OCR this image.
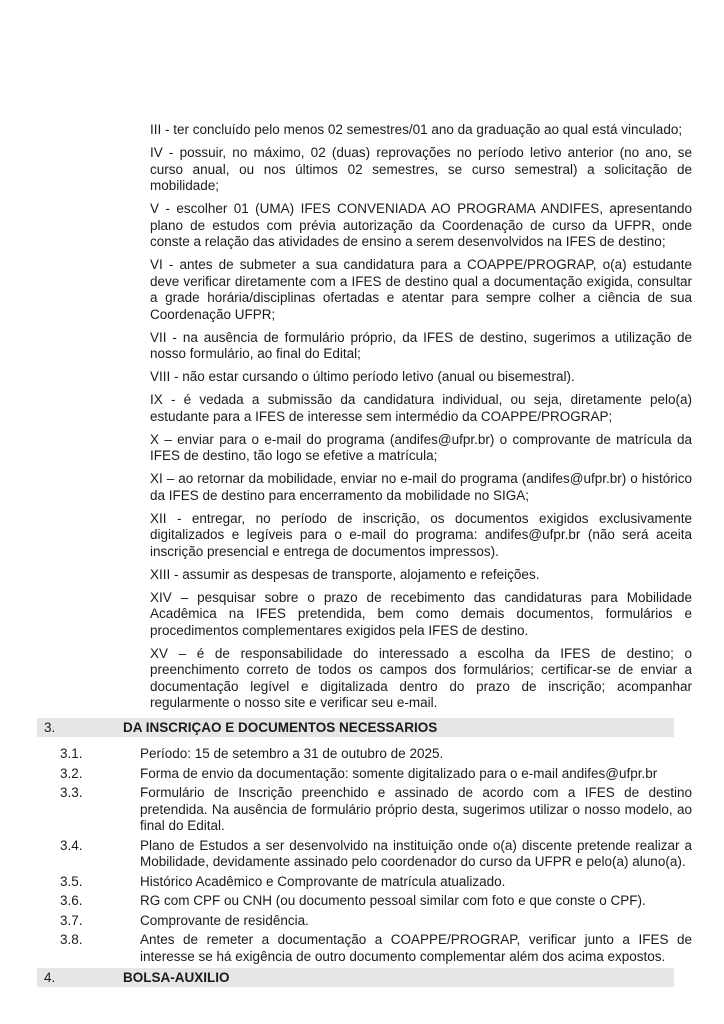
III - ter concluído pelo menos 02 semestres/01 ano da graduação ao qual está vinculado;

IV - possuir, no máximo, 02 (duas) reprovações no período letivo anterior (no ano, se curso anual, ou nos últimos 02 semestres, se curso semestral) a solicitação de mobilidade;

V - escolher 01 (UMA) IFES CONVENIADA AO PROGRAMA ANDIFES, apresentando plano de estudos com prévia autorização da Coordenação de curso da UFPR, onde conste a relação das atividades de ensino a serem desenvolvidos na IFES de destino;

VI - antes de submeter a sua candidatura para a COAPPE/PROGRAP, o(a) estudante deve verificar diretamente com a IFES de destino qual a documentação exigida, consultar a grade horária/disciplinas ofertadas e atentar para sempre colher a ciência de sua Coordenação UFPR;

VII - na ausência de formulário próprio, da IFES de destino, sugerimos a utilização de nosso formulário, ao final do Edital;

VIII - não estar cursando o último período letivo (anual ou bisemestral).

IX - é vedada a submissão da candidatura individual, ou seja, diretamente pelo(a) estudante para a IFES de interesse sem intermédio da COAPPE/PROGRAP;

X – enviar para o e-mail do programa (andifes@ufpr.br) o comprovante de matrícula da IFES de destino, tão logo se efetive a matrícula;

XI – ao retornar da mobilidade, enviar no e-mail do programa (andifes@ufpr.br) o histórico da IFES de destino para encerramento da mobilidade no SIGA;

XII - entregar, no período de inscrição, os documentos exigidos exclusivamente digitalizados e legíveis para o e-mail do programa: andifes@ufpr.br (não será aceita inscrição presencial e entrega de documentos impressos).

XIII - assumir as despesas de transporte, alojamento e refeições.

XIV – pesquisar sobre o prazo de recebimento das candidaturas para Mobilidade Acadêmica na IFES pretendida, bem como demais documentos, formulários e procedimentos complementares exigidos pela IFES de destino.

XV – é de responsabilidade do interessado a escolha da IFES de destino; o preenchimento correto de todos os campos dos formulários; certificar-se de enviar a documentação legível e digitalizada dentro do prazo de inscrição; acompanhar regularmente o nosso site e verificar seu e-mail.

3.	DA INSCRIÇAO E DOCUMENTOS NECESSARIOS
3.1.	Período: 15 de setembro a 31 de outubro de 2025.
3.2.	Forma de envio da documentação: somente digitalizado para o e-mail andifes@ufpr.br
3.3.	Formulário de Inscrição preenchido e assinado de acordo com a IFES de destino pretendida. Na ausência de formulário próprio desta, sugerimos utilizar o nosso modelo, ao final do Edital.
3.4.	Plano de Estudos a ser desenvolvido na instituição onde o(a) discente pretende realizar a Mobilidade, devidamente assinado pelo coordenador do curso da UFPR e pelo(a) aluno(a).
3.5.	Histórico Acadêmico e Comprovante de matrícula atualizado.
3.6.	RG com CPF ou CNH (ou documento pessoal similar com foto e que conste o CPF).
3.7.	Comprovante de residência.
3.8.	Antes de remeter a documentação a COAPPE/PROGRAP, verificar junto a IFES de interesse se há exigência de outro documento complementar além dos acima expostos.
4.	BOLSA-AUXILIO
